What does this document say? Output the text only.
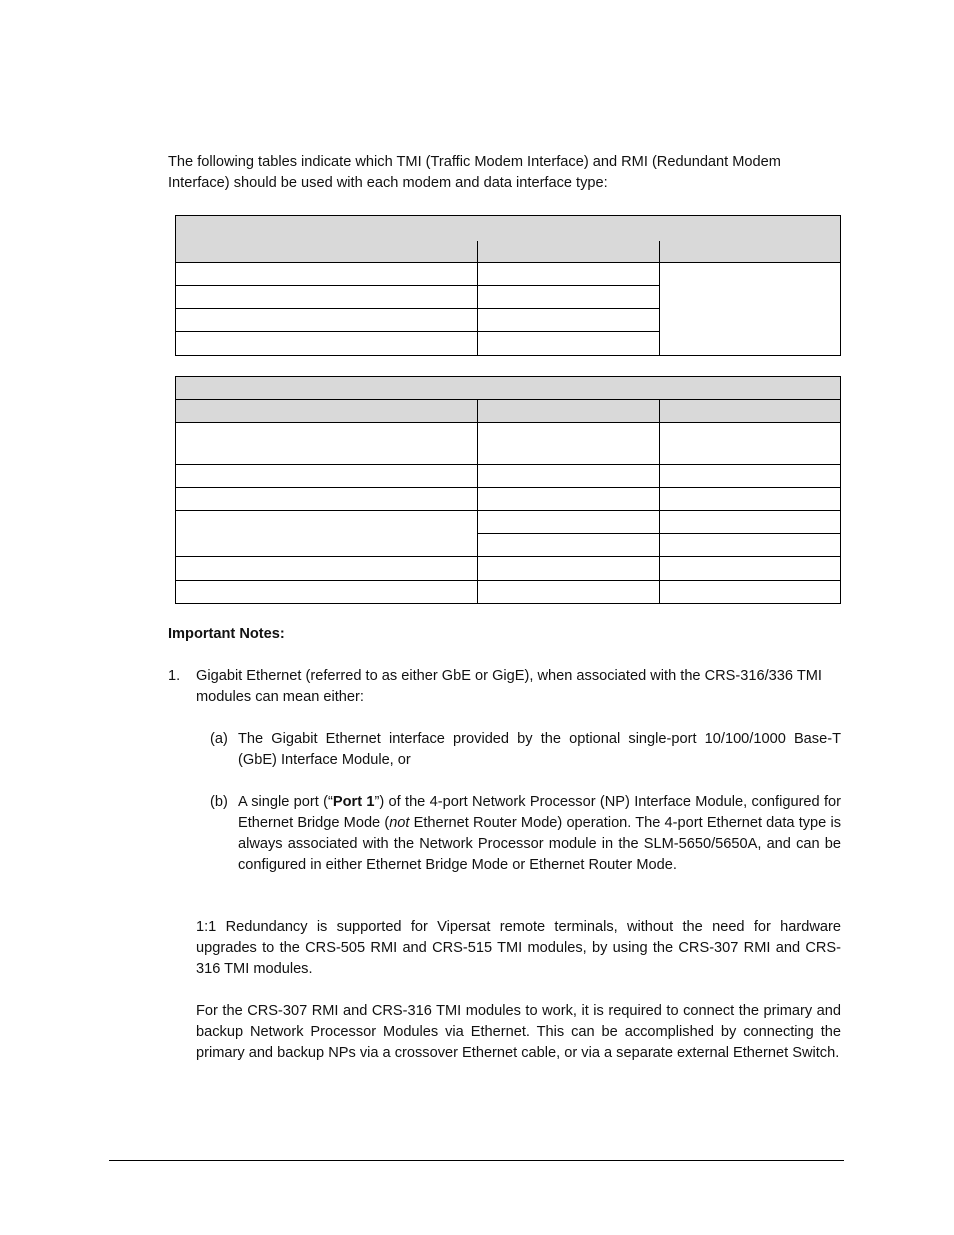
The following tables indicate which TMI (Traffic Modem Interface) and RMI (Redundant Modem Interface) should be used with each modem and data interface type:
Important Notes:
1. Gigabit Ethernet (referred to as either GbE or GigE), when associated with the CRS-316/336 TMI modules can mean either:
(a) The Gigabit Ethernet interface provided by the optional single-port 10/100/1000 Base-T (GbE) Interface Module, or
(b) A single port (“Port 1”) of the 4-port Network Processor (NP) Interface Module, configured for Ethernet Bridge Mode (not Ethernet Router Mode) operation. The 4-port Ethernet data type is always associated with the Network Processor module in the SLM-5650/5650A, and can be configured in either Ethernet Bridge Mode or Ethernet Router Mode.
1:1 Redundancy is supported for Vipersat remote terminals, without the need for hardware upgrades to the CRS-505 RMI and CRS-515 TMI modules, by using the CRS-307 RMI and CRS-316 TMI modules.
For the CRS-307 RMI and CRS-316 TMI modules to work, it is required to connect the primary and backup Network Processor Modules via Ethernet. This can be accomplished by connecting the primary and backup NPs via a crossover Ethernet cable, or via a separate external Ethernet Switch.
